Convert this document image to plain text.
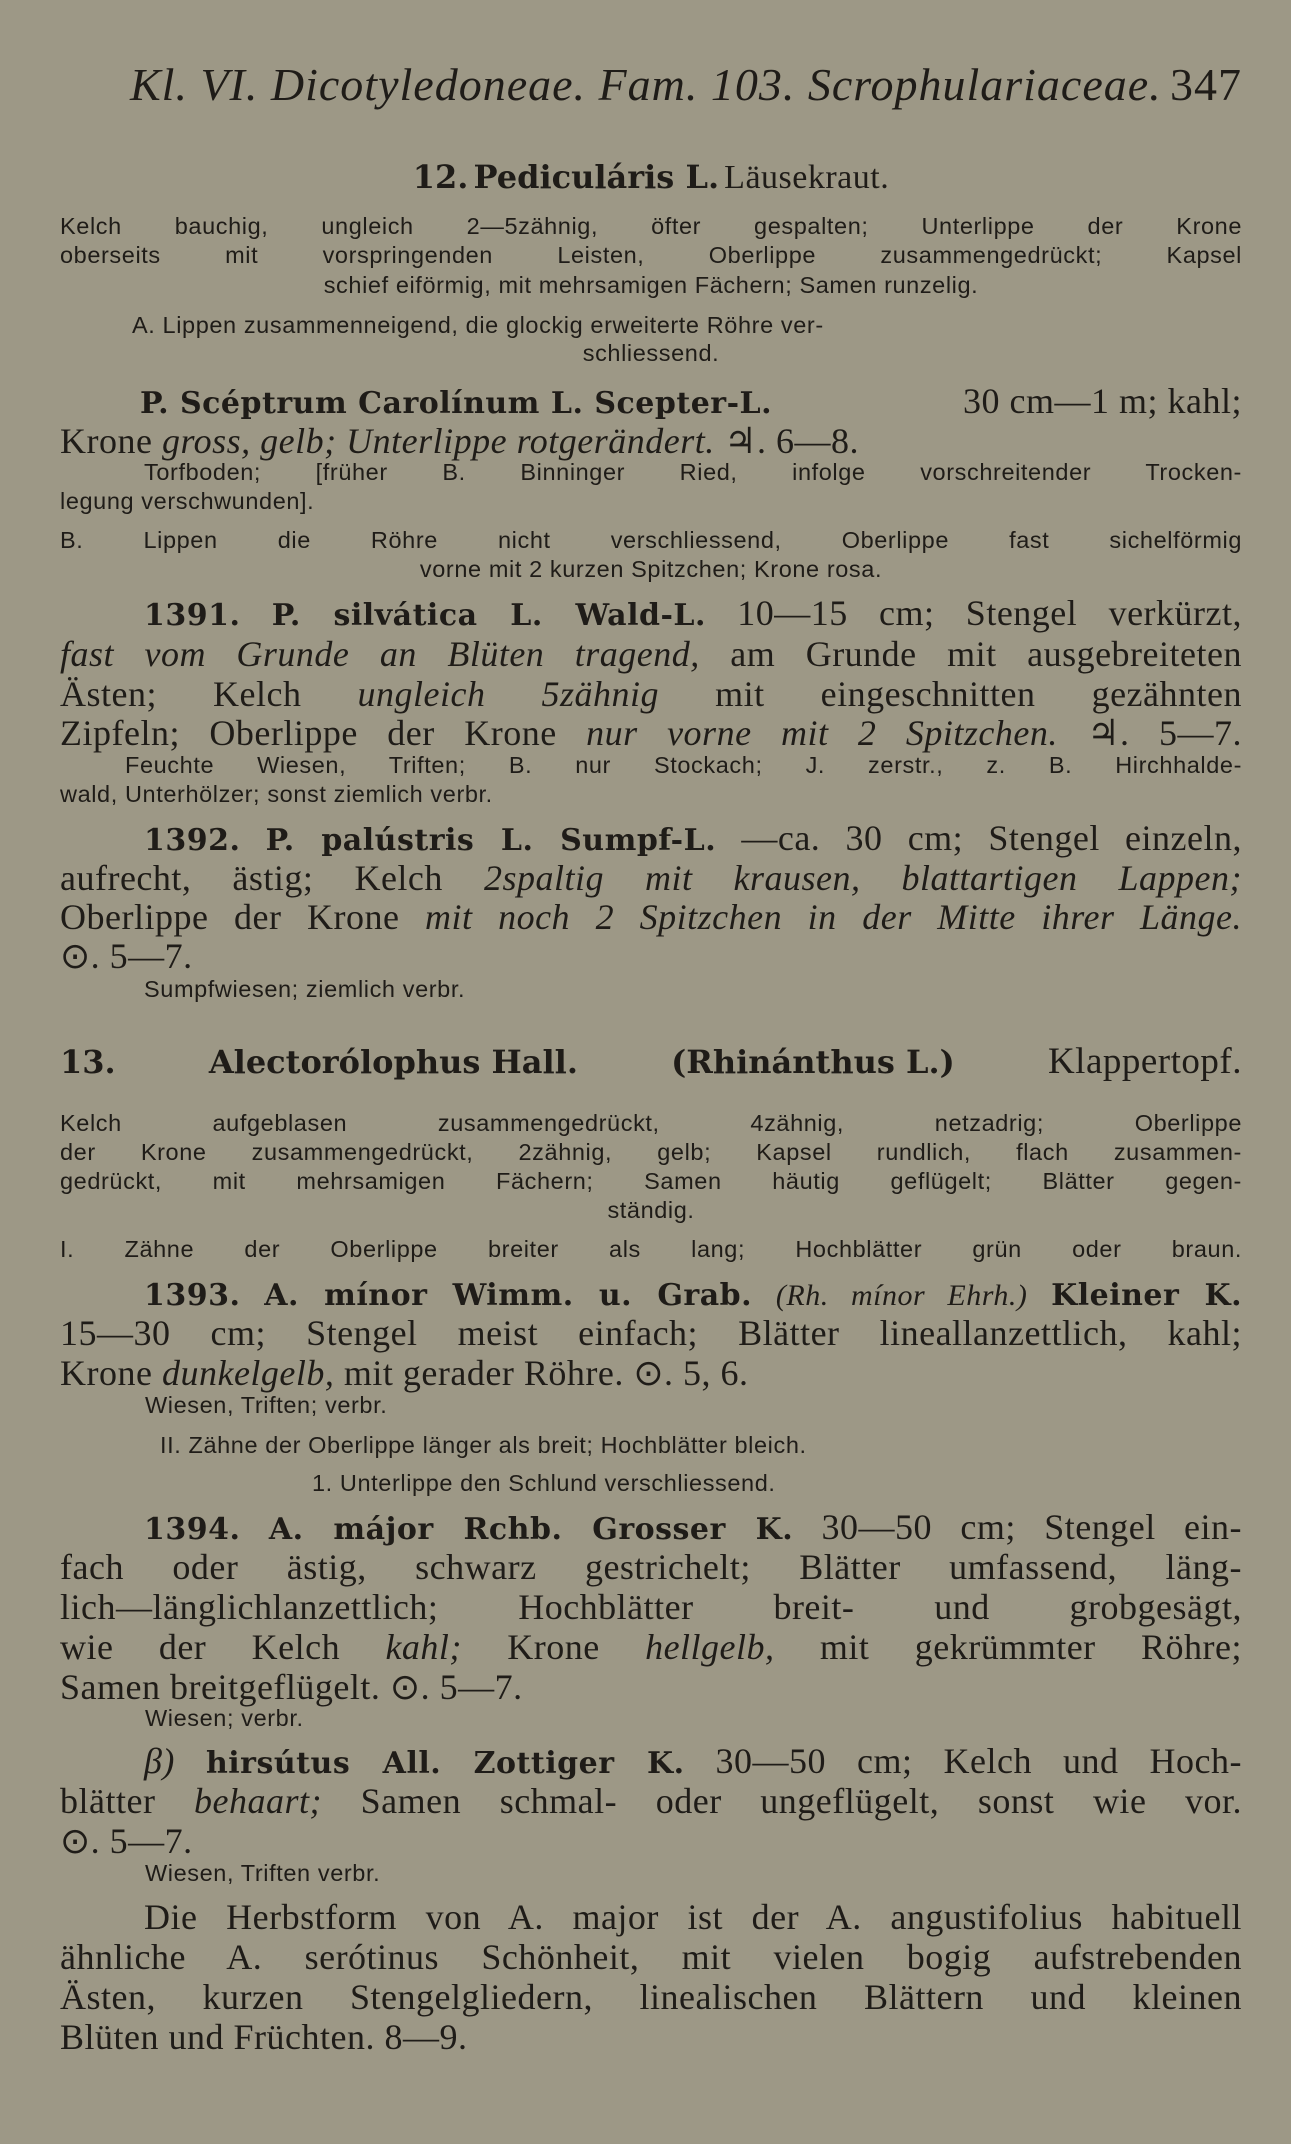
Kl. VI. Dicotyledoneae. Fam. 103. Scrophulariaceae. 347
12. Pediculáris L. Läusekraut.
Kelch bauchig, ungleich 2—5zähnig, öfter gespalten; Unterlippe der Krone
oberseits mit vorspringenden Leisten, Oberlippe zusammengedrückt; Kapsel
schief eiförmig, mit mehrsamigen Fächern; Samen runzelig.
A. Lippen zusammenneigend, die glockig erweiterte Röhre ver-
schliessend.
P. Scéptrum Carolínum L. Scepter-L.	30 cm—1 m; kahl;
Krone gross, gelb; Unterlippe rotgerändert. ♃. 6—8.
Torfboden; [früher B. Binninger Ried, infolge vorschreitender Trocken-
legung verschwunden].
B. Lippen die Röhre nicht verschliessend, Oberlippe fast sichelförmig
vorne mit 2 kurzen Spitzchen; Krone rosa.
1391. P. silvática L. Wald-L. 10—15 cm; Stengel verkürzt,
fast vom Grunde an Blüten tragend, am Grunde mit ausgebreiteten
Ästen; Kelch ungleich 5zähnig mit eingeschnitten gezähnten
Zipfeln; Oberlippe der Krone nur vorne mit 2 Spitzchen. ♃. 5—7.
Feuchte Wiesen, Triften; B. nur Stockach; J. zerstr., z. B. Hirchhalde-
wald, Unterhölzer; sonst ziemlich verbr.
1392. P. palústris L. Sumpf-L. —ca. 30 cm; Stengel einzeln,
aufrecht, ästig; Kelch 2spaltig mit krausen, blattartigen Lappen;
Oberlippe der Krone mit noch 2 Spitzchen in der Mitte ihrer Länge.
⊙. 5—7.
Sumpfwiesen; ziemlich verbr.
13.	Alectorólophus Hall.	(Rhinánthus L.)	Klappertopf.
Kelch aufgeblasen zusammengedrückt, 4zähnig, netzadrig; Oberlippe
der Krone zusammengedrückt, 2zähnig, gelb; Kapsel rundlich, flach zusammen-
gedrückt, mit mehrsamigen Fächern; Samen häutig geflügelt; Blätter gegen-
ständig.
I. Zähne der Oberlippe breiter als lang; Hochblätter grün oder braun.
1393. A. mínor Wimm. u. Grab. (Rh. mínor Ehrh.) Kleiner K.
15—30 cm; Stengel meist einfach; Blätter lineallanzettlich, kahl;
Krone dunkelgelb, mit gerader Röhre. ⊙. 5, 6.
Wiesen, Triften; verbr.
II. Zähne der Oberlippe länger als breit; Hochblätter bleich.
1. Unterlippe den Schlund verschliessend.
1394. A. májor Rchb. Grosser K. 30—50 cm; Stengel ein-
fach oder ästig, schwarz gestrichelt; Blätter umfassend, läng-
lich—länglichlanzettlich; Hochblätter breit- und grobgesägt,
wie der Kelch kahl; Krone hellgelb, mit gekrümmter Röhre;
Samen breitgeflügelt. ⊙. 5—7.
Wiesen; verbr.
β) hirsútus All. Zottiger K. 30—50 cm; Kelch und Hoch-
blätter behaart; Samen schmal- oder ungeflügelt, sonst wie vor.
⊙. 5—7.
Wiesen, Triften verbr.
Die Herbstform von A. major ist der A. angustifolius habituell
ähnliche A. serótinus Schönheit, mit vielen bogig aufstrebenden
Ästen, kurzen Stengelgliedern, linealischen Blättern und kleinen
Blüten und Früchten. 8—9.
